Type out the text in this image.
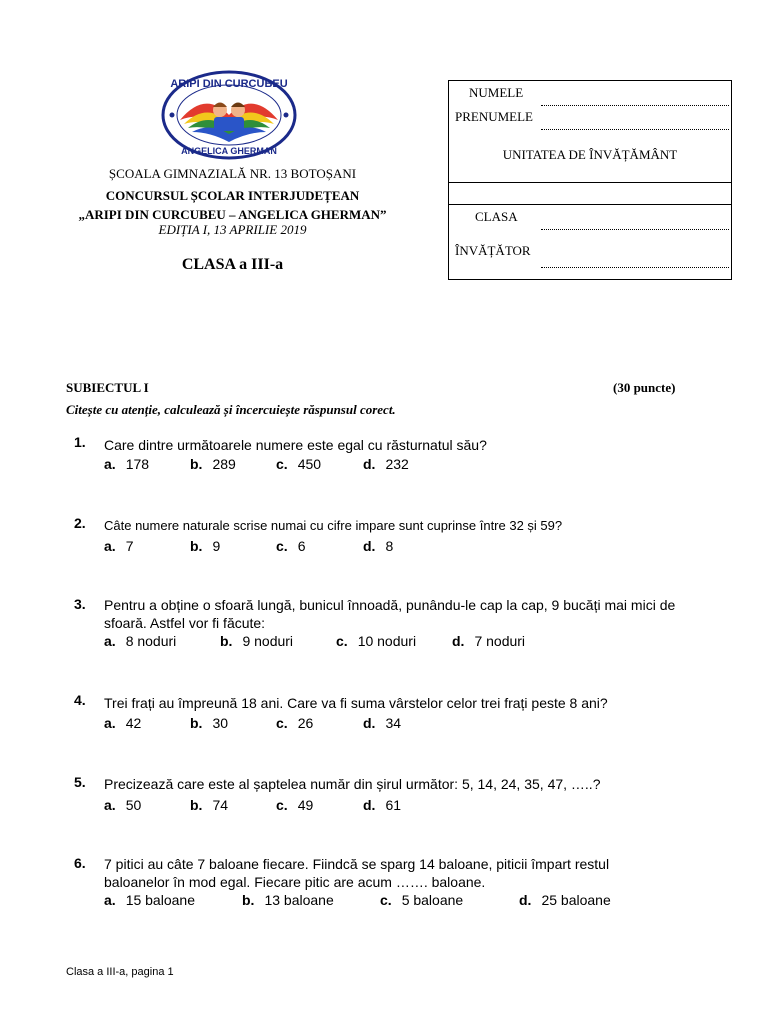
ARIPI DIN CURCUBEU
ANGELICA GHERMAN
ȘCOALA GIMNAZIALĂ NR. 13 BOTOȘANI
CONCURSUL ȘCOLAR INTERJUDEȚEAN
„ARIPI DIN CURCUBEU – ANGELICA GHERMAN”
EDIȚIA I, 13 APRILIE 2019
CLASA a III-a
NUMELE
PRENUMELE
UNITATEA DE ÎNVĂȚĂMÂNT
CLASA
ÎNVĂȚĂTOR
SUBIECTUL I	(30 puncte)
Citește cu atenție, calculează și încercuiește răspunsul corect.
1. Care dintre următoarele numere este egal cu răsturnatul său?
a. 178	b. 289	c. 450	d. 232
2. Câte numere naturale scrise numai cu cifre impare sunt cuprinse între 32 și 59?
a. 7	b. 9	c. 6	d. 8
3. Pentru a obține o sfoară lungă, bunicul înnoadă, punându-le cap la cap, 9 bucăți mai mici de sfoară. Astfel vor fi făcute:
a. 8 noduri	b. 9 noduri	c. 10 noduri	d. 7 noduri
4. Trei frați au împreună 18 ani. Care va fi suma vârstelor celor trei frați peste 8 ani?
a. 42	b. 30	c. 26	d. 34
5. Precizează care este al șaptelea număr din șirul următor: 5, 14, 24, 35, 47, …..?
a. 50	b. 74	c. 49	d. 61
6. 7 pitici au câte 7 baloane fiecare. Fiindcă se sparg 14 baloane, piticii împart restul baloanelor în mod egal. Fiecare pitic are acum ……. baloane.
a. 15 baloane	b. 13 baloane	c. 5 baloane	d. 25 baloane
Clasa a III-a, pagina 1
